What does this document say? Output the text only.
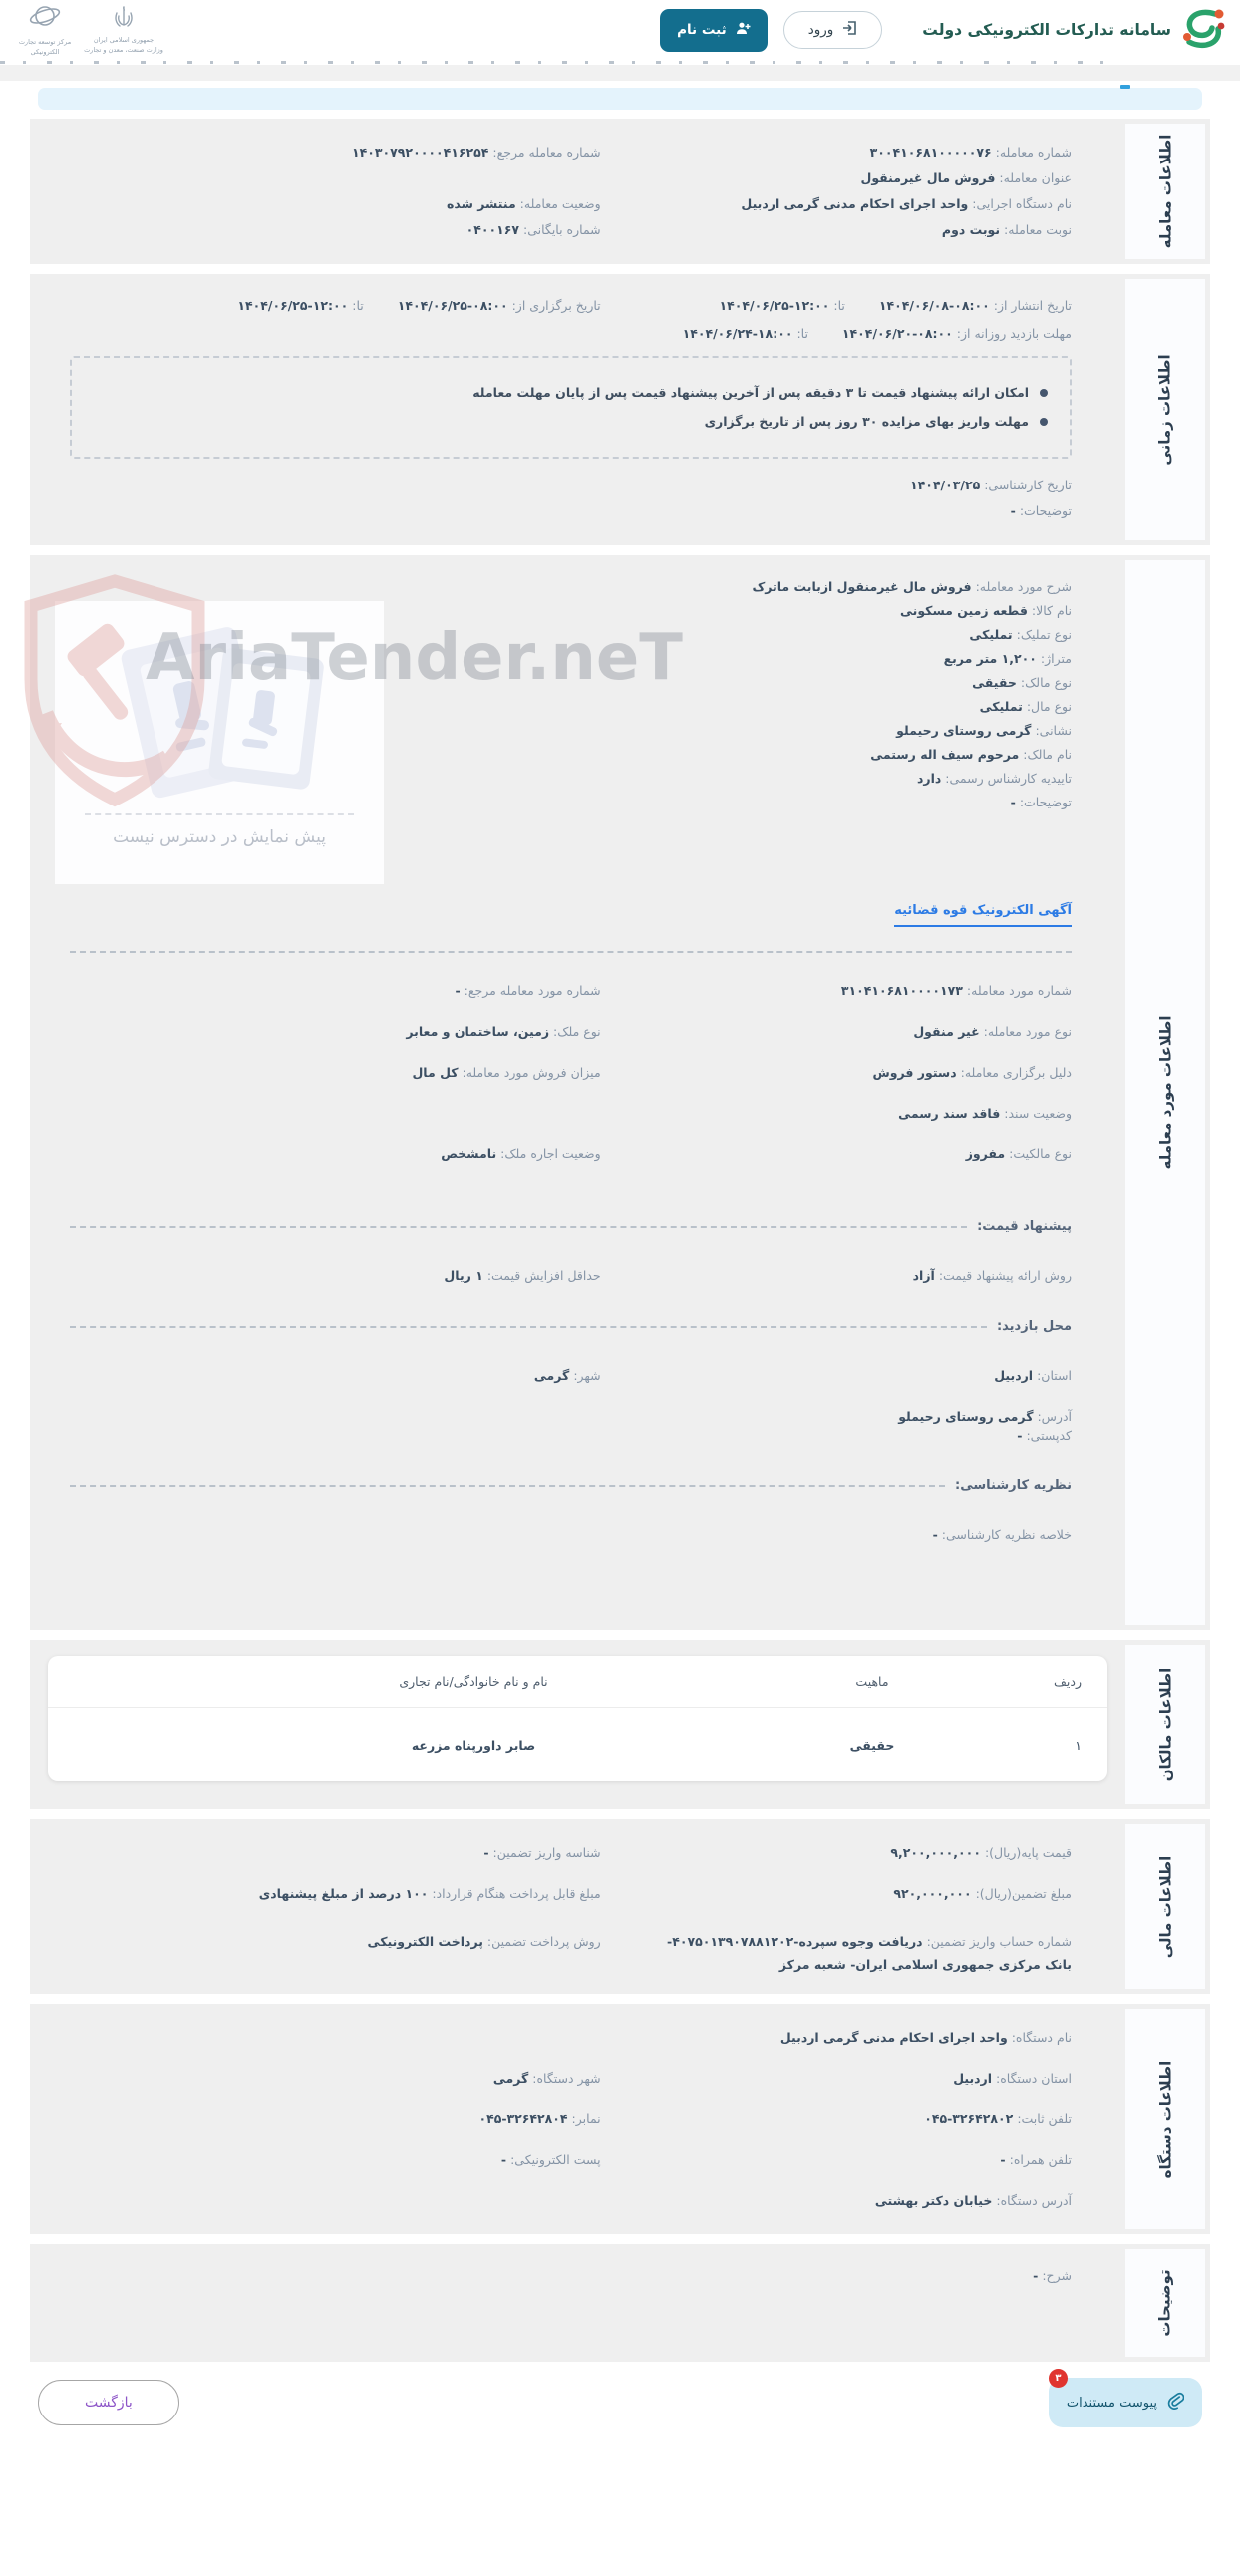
سامانه تدارکات الکترونیکی دولت
ورود
ثبت نام
جمهوری اسلامی ایران
وزارت صنعت، معدن و تجارت
مرکز توسعه تجارت الکترونیکی
اطلاعات معامله
شماره معامله: ۳۰۰۴۱۰۶۸۱۰۰۰۰۰۷۶
شماره معامله مرجع: ۱۴۰۳۰۷۹۲۰۰۰۰۴۱۶۲۵۴
عنوان معامله: فروش مال غیرمنقول
نام دستگاه اجرایی: واحد اجرای احکام مدنی گرمی اردبیل
وضعیت معامله: منتشر شده
نوبت معامله: نوبت دوم
شماره بایگانی: ۰۴۰۰۱۶۷
اطلاعات زمانی
تاریخ انتشار از: ۱۴۰۴/۰۶/۰۸-۰۸:۰۰ تا: ۱۴۰۴/۰۶/۲۵-۱۲:۰۰
تاریخ برگزاری از: ۱۴۰۴/۰۶/۲۵-۰۸:۰۰ تا: ۱۴۰۴/۰۶/۲۵-۱۲:۰۰
مهلت بازدید روزانه از: ۱۴۰۴/۰۶/۲۰-۰۸:۰۰ تا: ۱۴۰۴/۰۶/۲۴-۱۸:۰۰
امکان ارائه پیشنهاد قیمت تا ۳ دقیقه پس از آخرین پیشنهاد قیمت پس از پایان مهلت معامله
مهلت واریز بهای مزایده ۳۰ روز پس از تاریخ برگزاری
تاریخ کارشناسی: ۱۴۰۴/۰۳/۲۵
توضیحات: -
اطلاعات مورد معامله
AriaTender.neT
پیش نمایش در دسترس نیست
شرح مورد معامله: فروش مال غیرمنقول ازبابت ماترک
نام کالا: قطعه زمین مسکونی
نوع تملیک: تملیکی
متراژ: ۱,۲۰۰ متر مربع
نوع مالک: حقیقی
نوع مال: تملیکی
نشانی: گرمی روستای رحیملو
نام مالک: مرحوم سیف اله رستمی
تاییدیه کارشناس رسمی: دارد
توضیحات: -
آگهی الکترونیک قوه قضائیه
شماره مورد معامله: ۳۱۰۴۱۰۶۸۱۰۰۰۰۱۷۳
شماره مورد معامله مرجع: -
نوع مورد معامله: غیر منقول
نوع ملک: زمین، ساختمان و معابر
دلیل برگزاری معامله: دستور فروش
میزان فروش مورد معامله: کل مال
وضعیت سند: فاقد سند رسمی
نوع مالکیت: مفروز
وضعیت اجاره ملک: نامشخص
پیشنهاد قیمت:
روش ارائه پیشنهاد قیمت: آزاد
حداقل افزایش قیمت: ۱ ریال
محل بازدید:
استان: اردبیل
شهر: گرمی
آدرس: گرمی روستای رحیملو
کدپستی: -
نظریه کارشناسی:
خلاصه نظریه کارشناسی: -
اطلاعات مالکان
ردیف
ماهیت
نام و نام خانوادگی/نام تجاری
۱
حقیقی
صابر داورپناه مزرعه
اطلاعات مالی
قیمت پایه(ریال): ۹,۲۰۰,۰۰۰,۰۰۰
شناسه واریز تضمین: -
مبلغ تضمین(ریال): ۹۲۰,۰۰۰,۰۰۰
مبلغ قابل پرداخت هنگام قرارداد: ۱۰۰ درصد از مبلغ پیشنهادی
شماره حساب واریز تضمین: دریافت وجوه سپرده-۴۰۷۵۰۱۳۹۰۷۸۸۱۲۰۲- بانک مرکزی جمهوری اسلامی ایران- شعبه مرکز
روش پرداخت تضمین: پرداخت الکترونیکی
اطلاعات دستگاه
نام دستگاه: واحد اجرای احکام مدنی گرمی اردبیل
استان دستگاه: اردبیل
شهر دستگاه: گرمی
تلفن ثابت: ۰۴۵-۳۲۶۴۲۸۰۲
نمابر: ۰۴۵-۳۲۶۴۲۸۰۴
تلفن همراه: -
پست الکترونیکی: -
آدرس دستگاه: خیابان دکتر بهشتی
توضیحات
شرح: -
۳
پیوست مستندات
بازگشت
